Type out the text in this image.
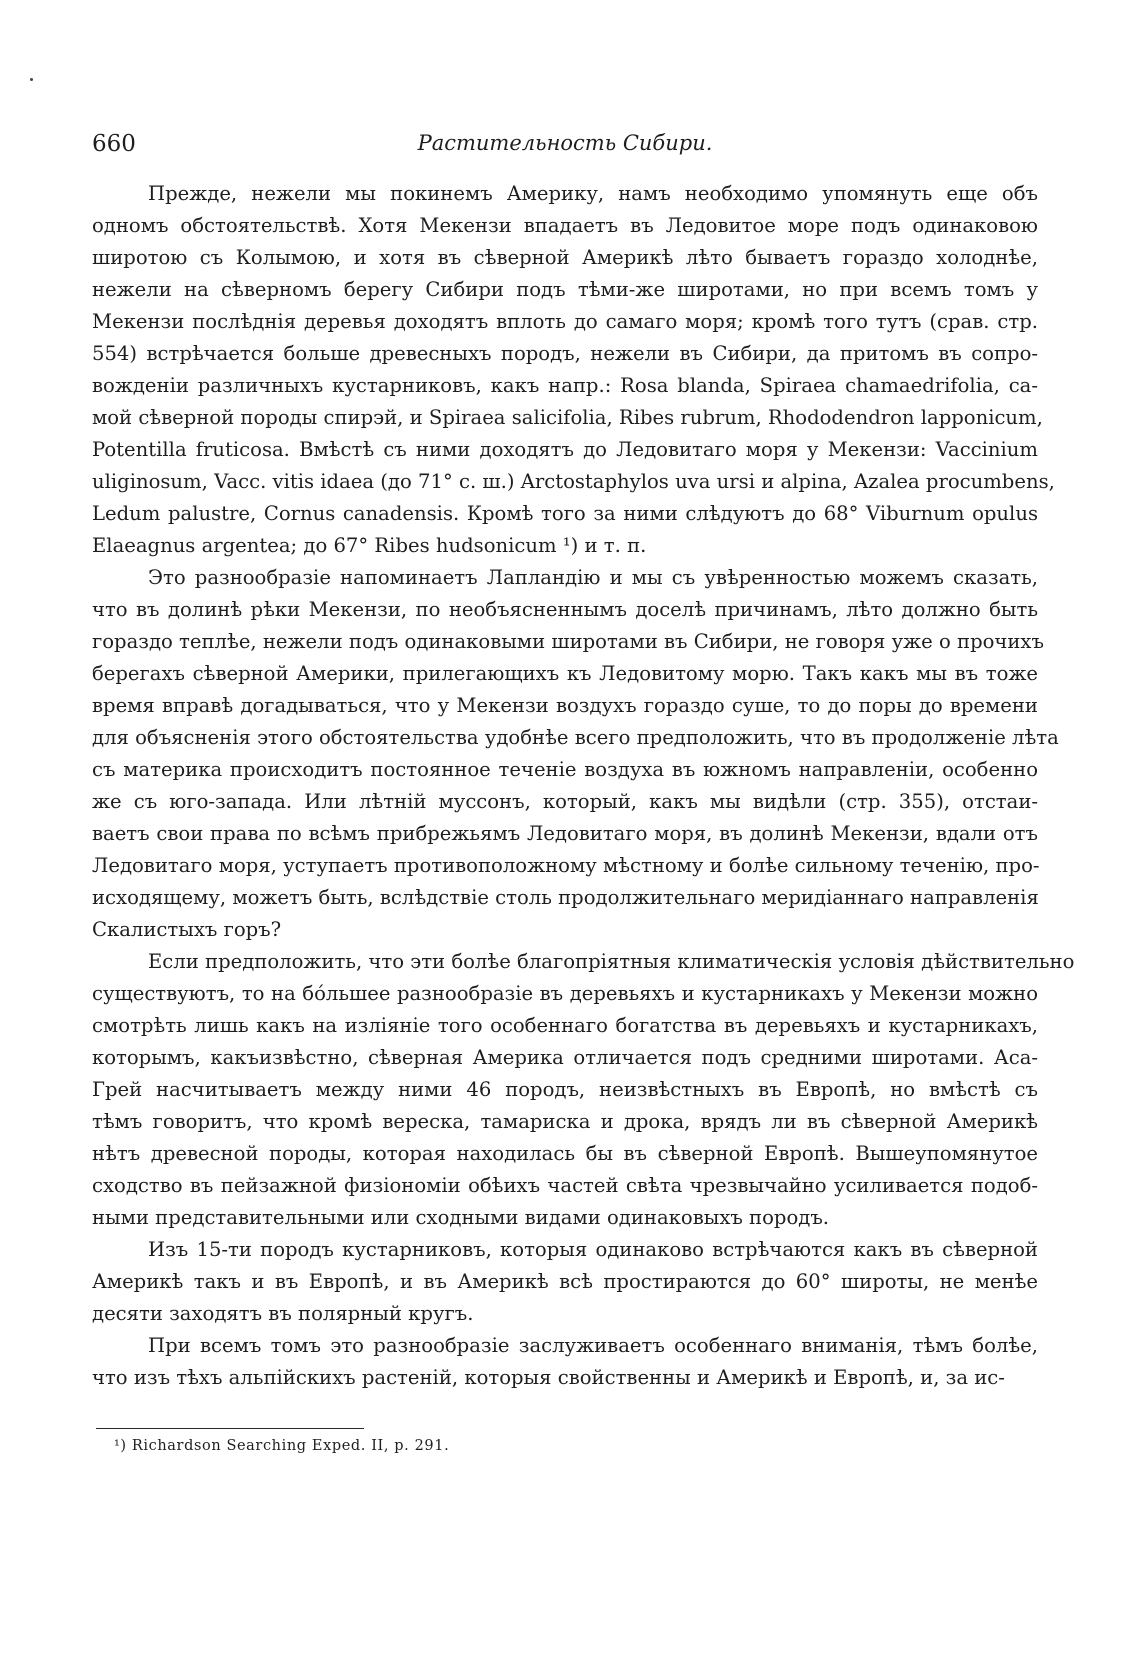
660	Растительность Сибири.
Прежде, нежели мы покинемъ Америку, намъ необходимо упомянуть еще объ
одномъ обстоятельствѣ. Хотя Мекензи впадаетъ въ Ледовитое море подъ одинаковою
широтою съ Колымою, и хотя въ сѣверной Америкѣ лѣто бываетъ гораздо холоднѣе,
нежели на сѣверномъ берегу Сибири подъ тѣми-же широтами, но при всемъ томъ у
Мекензи послѣднія деревья доходятъ вплоть до самаго моря; кромѣ того тутъ (срав. стр.
554) встрѣчается больше древесныхъ породъ, нежели въ Сибири, да притомъ въ сопро-
вожденіи различныхъ кустарниковъ, какъ напр.: Rosa blanda, Spiraea chamaedrifolia, са-
мой сѣверной породы спирэй, и Spiraea salicifolia, Ribes rubrum, Rhododendron lapponicum,
Potentilla fruticosa. Вмѣстѣ съ ними доходятъ до Ледовитаго моря у Мекензи: Vaccinium
uliginosum, Vacc. vitis idaea (до 71° с. ш.) Arctostaphylos uva ursi и alpina, Azalea procumbens,
Ledum palustre, Cornus canadensis. Кромѣ того за ними слѣдуютъ до 68° Viburnum opulus
Elaeagnus argentea; до 67° Ribes hudsonicum ¹) и т. п.
Это разнообразіе напоминаетъ Лапландію и мы съ увѣренностью можемъ сказать,
что въ долинѣ рѣки Мекензи, по необъясненнымъ доселѣ причинамъ, лѣто должно быть
гораздо теплѣе, нежели подъ одинаковыми широтами въ Сибири, не говоря уже о прочихъ
берегахъ сѣверной Америки, прилегающихъ къ Ледовитому морю. Такъ какъ мы въ тоже
время вправѣ догадываться, что у Мекензи воздухъ гораздо суше, то до поры до времени
для объясненія этого обстоятельства удобнѣе всего предположить, что въ продолженіе лѣта
съ материка происходитъ постоянное теченіе воздуха въ южномъ направленіи, особенно
же съ юго-запада. Или лѣтній муссонъ, который, какъ мы видѣли (стр. 355), отстаи-
ваетъ свои права по всѣмъ прибрежьямъ Ледовитаго моря, въ долинѣ Мекензи, вдали отъ
Ледовитаго моря, уступаетъ противоположному мѣстному и болѣе сильному теченію, про-
исходящему, можетъ быть, вслѣдствіе столь продолжительнаго меридіаннаго направленія
Скалистыхъ горъ?
Если предположить, что эти болѣе благопріятныя климатическія условія дѣйствительно
существуютъ, то на бо́льшее разнообразіе въ деревьяхъ и кустарникахъ у Мекензи можно
смотрѣть лишь какъ на изліяніе того особеннаго богатства въ деревьяхъ и кустарникахъ,
которымъ, какъизвѣстно, сѣверная Америка отличается подъ средними широтами. Аса-
Грей насчитываетъ между ними 46 породъ, неизвѣстныхъ въ Европѣ, но вмѣстѣ съ
тѣмъ говоритъ, что кромѣ вереска, тамариска и дрока, врядъ ли въ сѣверной Америкѣ
нѣтъ древесной породы, которая находилась бы въ сѣверной Европѣ. Вышеупомянутое
сходство въ пейзажной физіономіи обѣихъ частей свѣта чрезвычайно усиливается подоб-
ными представительными или сходными видами одинаковыхъ породъ.
Изъ 15-ти породъ кустарниковъ, которыя одинаково встрѣчаются какъ въ сѣверной
Америкѣ такъ и въ Европѣ, и въ Америкѣ всѣ простираются до 60° широты, не менѣе
десяти заходятъ въ полярный кругъ.
При всемъ томъ это разнообразіе заслуживаетъ особеннаго вниманія, тѣмъ болѣе,
что изъ тѣхъ альпійскихъ растеній, которыя свойственны и Америкѣ и Европѣ, и, за ис-
¹) Richardson Searching Exped. II, p. 291.
